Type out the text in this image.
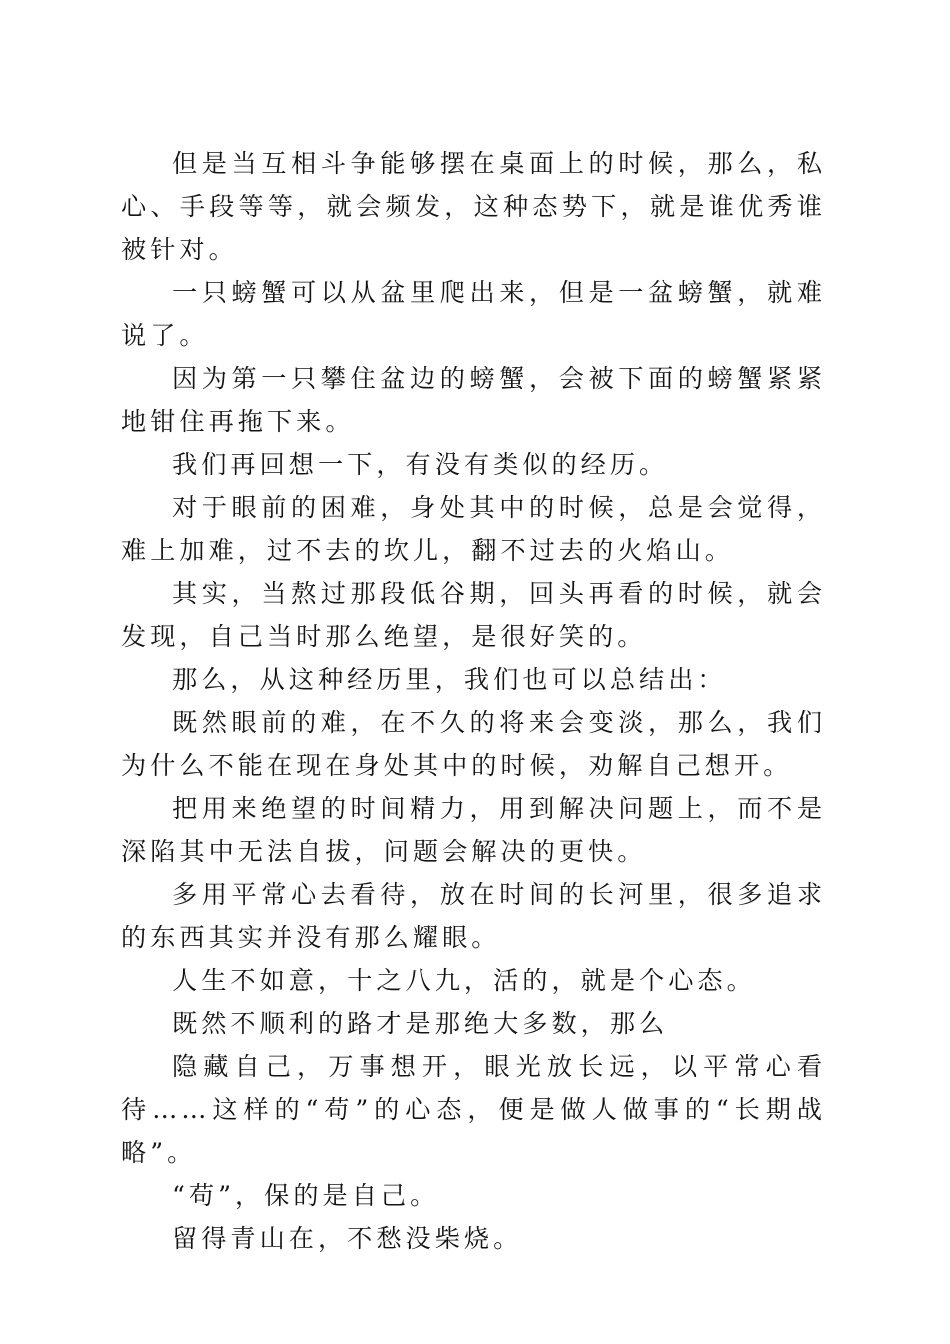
但是当互相斗争能够摆在桌面上的时候，那么，私心、手段等等，就会频发，这种态势下，就是谁优秀谁被针对。

一只螃蟹可以从盆里爬出来，但是一盆螃蟹，就难说了。

因为第一只攀住盆边的螃蟹，会被下面的螃蟹紧紧地钳住再拖下来。

我们再回想一下，有没有类似的经历。

对于眼前的困难，身处其中的时候，总是会觉得，难上加难，过不去的坎儿，翻不过去的火焰山。

其实，当熬过那段低谷期，回头再看的时候，就会发现，自己当时那么绝望，是很好笑的。

那么，从这种经历里，我们也可以总结出：

既然眼前的难，在不久的将来会变淡，那么，我们为什么不能在现在身处其中的时候，劝解自己想开。

把用来绝望的时间精力，用到解决问题上，而不是深陷其中无法自拔，问题会解决的更快。

多用平常心去看待，放在时间的长河里，很多追求的东西其实并没有那么耀眼。

人生不如意，十之八九，活的，就是个心态。

既然不顺利的路才是那绝大多数，那么

隐藏自己，万事想开，眼光放长远，以平常心看待……这样的“苟”的心态，便是做人做事的“长期战略”。

“苟”，保的是自己。

留得青山在，不愁没柴烧。
